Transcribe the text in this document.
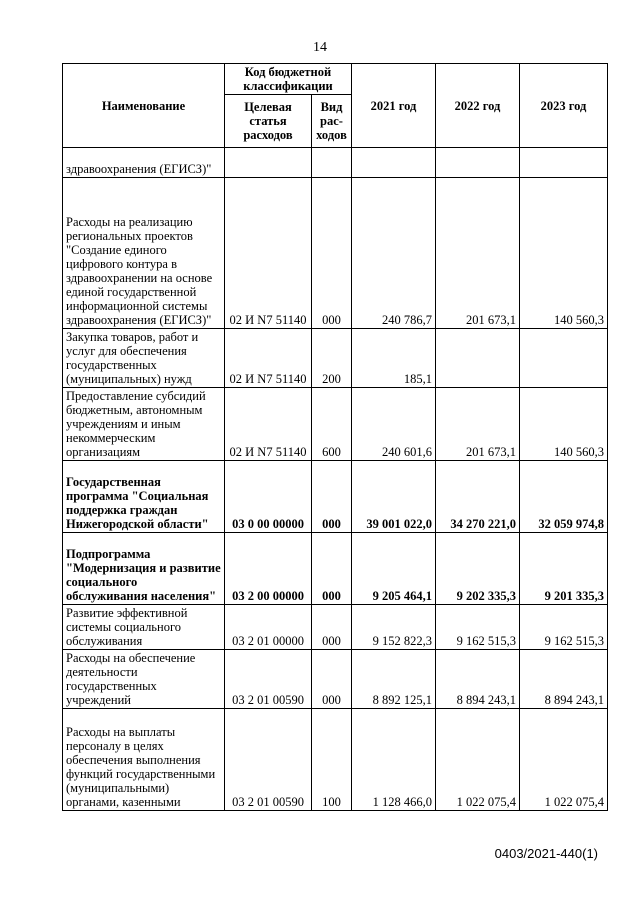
14
Наименование	Код бюджетной классификации		2021 год	2022 год	2023 год
	Целевая статья расходов	Вид рас-ходов			
здравоохранения (ЕГИСЗ)"					
Расходы на реализацию региональных проектов "Создание единого цифрового контура в здравоохранении на основе единой государственной информационной системы здравоохранения (ЕГИСЗ)"	02 И N7 51140	000	240 786,7	201 673,1	140 560,3
Закупка товаров, работ и услуг для обеспечения государственных (муниципальных) нужд	02 И N7 51140	200	185,1		
Предоставление субсидий бюджетным, автономным учреждениям и иным некоммерческим организациям	02 И N7 51140	600	240 601,6	201 673,1	140 560,3
Государственная программа "Социальная поддержка граждан Нижегородской области"	03 0 00 00000	000	39 001 022,0	34 270 221,0	32 059 974,8
Подпрограмма "Модернизация и развитие социального обслуживания населения"	03 2 00 00000	000	9 205 464,1	9 202 335,3	9 201 335,3
Развитие эффективной системы социального обслуживания	03 2 01 00000	000	9 152 822,3	9 162 515,3	9 162 515,3
Расходы на обеспечение деятельности государственных учреждений	03 2 01 00590	000	8 892 125,1	8 894 243,1	8 894 243,1
Расходы на выплаты персоналу в целях обеспечения выполнения функций государственными (муниципальными) органами, казенными	03 2 01 00590	100	1 128 466,0	1 022 075,4	1 022 075,4
0403/2021-440(1)
